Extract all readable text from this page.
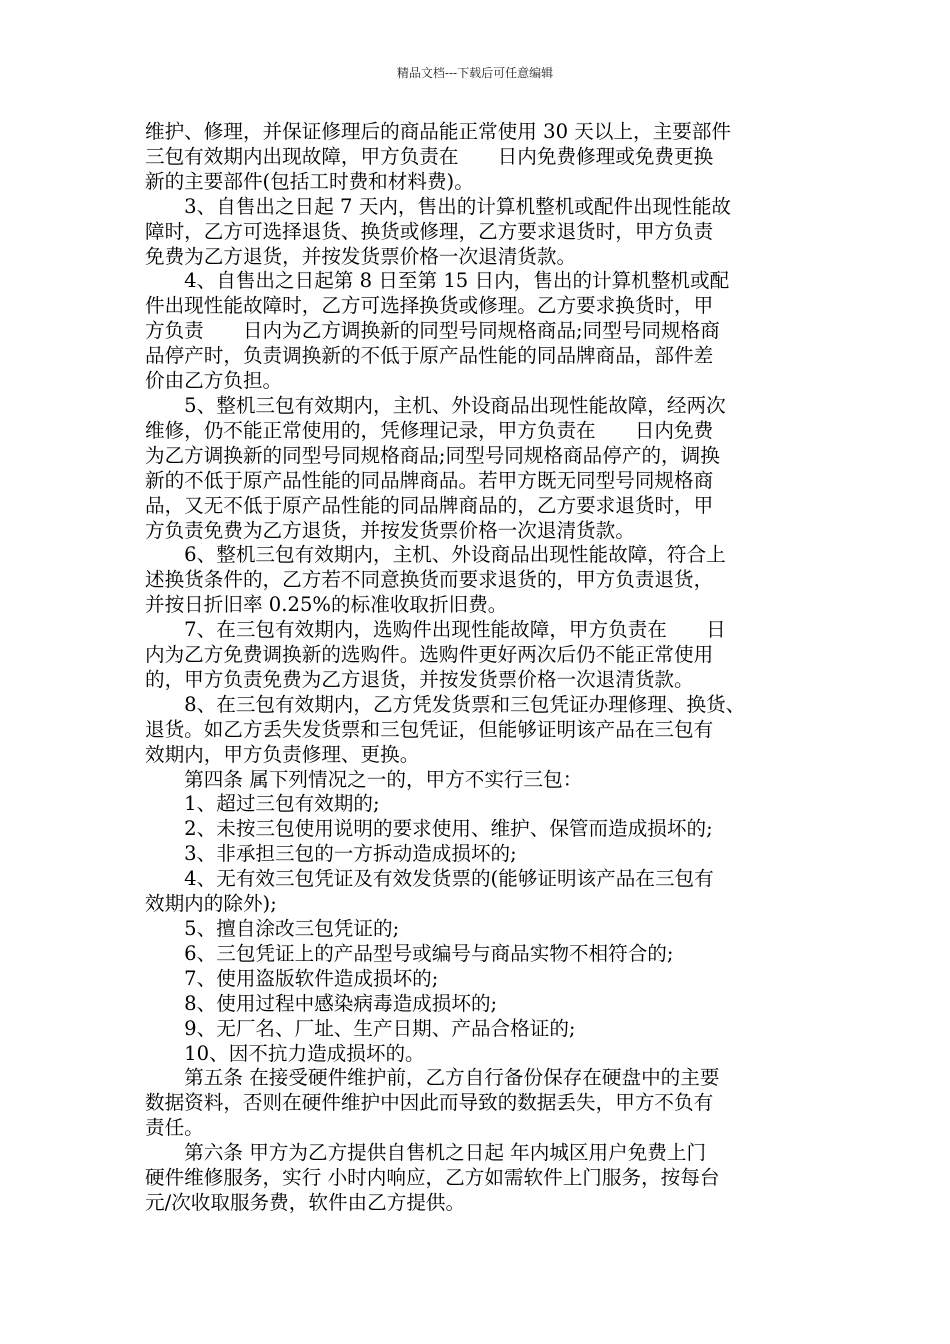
精品文档---下载后可任意编辑

维护、修理，并保证修理后的商品能正常使用 30 天以上，主要部件

三包有效期内出现故障，甲方负责在　　日内免费修理或免费更换

新的主要部件(包括工时费和材料费)。

　　3、自售出之日起 7 天内，售出的计算机整机或配件出现性能故

障时，乙方可选择退货、换货或修理，乙方要求退货时，甲方负责

免费为乙方退货，并按发货票价格一次退清货款。

　　4、自售出之日起第 8 日至第 15 日内，售出的计算机整机或配

件出现性能故障时，乙方可选择换货或修理。乙方要求换货时，甲

方负责　　日内为乙方调换新的同型号同规格商品;同型号同规格商

品停产时，负责调换新的不低于原产品性能的同品牌商品，部件差

价由乙方负担。

　　5、整机三包有效期内，主机、外设商品出现性能故障，经两次

维修，仍不能正常使用的，凭修理记录，甲方负责在　　日内免费

为乙方调换新的同型号同规格商品;同型号同规格商品停产的，调换

新的不低于原产品性能的同品牌商品。若甲方既无同型号同规格商

品，又无不低于原产品性能的同品牌商品的，乙方要求退货时，甲

方负责免费为乙方退货，并按发货票价格一次退清货款。

　　6、整机三包有效期内，主机、外设商品出现性能故障，符合上

述换货条件的，乙方若不同意换货而要求退货的，甲方负责退货，

并按日折旧率 0.25%的标准收取折旧费。

　　7、在三包有效期内，选购件出现性能故障，甲方负责在　　日

内为乙方免费调换新的选购件。选购件更好两次后仍不能正常使用

的，甲方负责免费为乙方退货，并按发货票价格一次退清货款。

　　8、在三包有效期内，乙方凭发货票和三包凭证办理修理、换货、

退货。如乙方丢失发货票和三包凭证，但能够证明该产品在三包有

效期内，甲方负责修理、更换。

　　第四条 属下列情况之一的，甲方不实行三包：

　　1、超过三包有效期的;

　　2、未按三包使用说明的要求使用、维护、保管而造成损坏的;

　　3、非承担三包的一方拆动造成损坏的;

　　4、无有效三包凭证及有效发货票的(能够证明该产品在三包有

效期内的除外);

　　5、擅自涂改三包凭证的;

　　6、三包凭证上的产品型号或编号与商品实物不相符合的;

　　7、使用盗版软件造成损坏的;

　　8、使用过程中感染病毒造成损坏的;

　　9、无厂名、厂址、生产日期、产品合格证的;

　　10、因不抗力造成损坏的。

　　第五条 在接受硬件维护前，乙方自行备份保存在硬盘中的主要

数据资料，否则在硬件维护中因此而导致的数据丢失，甲方不负有

责任。

　　第六条 甲方为乙方提供自售机之日起 年内城区用户免费上门

硬件维修服务，实行 小时内响应，乙方如需软件上门服务，按每台

元/次收取服务费，软件由乙方提供。
